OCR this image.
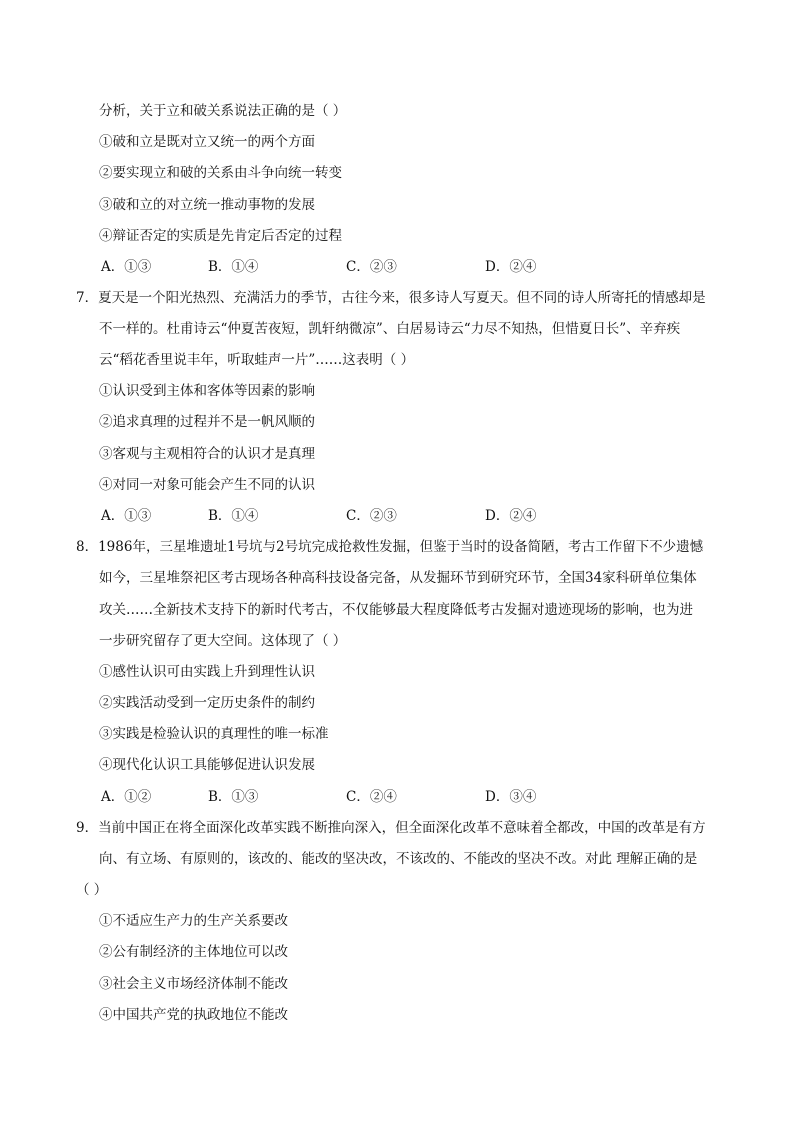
分析，关于立和破关系说法正确的是（ ）
①破和立是既对立又统一的两个方面
②要实现立和破的关系由斗争向统一转变
③破和立的对立统一推动事物的发展
④辩证否定的实质是先肯定后否定的过程
A．①③	B．①④	C．②③	D．②④
7．夏天是一个阳光热烈、充满活力的季节，古往今来，很多诗人写夏天。但不同的诗人所寄托的情感却是
不一样的。杜甫诗云“仲夏苦夜短，凯轩纳微凉”、白居易诗云“力尽不知热，但惜夏日长”、辛弃疾
云“稻花香里说丰年，听取蛙声一片”……这表明（ ）
①认识受到主体和客体等因素的影响
②追求真理的过程并不是一帆风顺的
③客观与主观相符合的认识才是真理
④对同一对象可能会产生不同的认识
A．①③	B．①④	C．②③	D．②④
8．1986年，三星堆遗址1号坑与2号坑完成抢救性发掘，但鉴于当时的设备简陋，考古工作留下不少遗憾
如今，三星堆祭祀区考古现场各种高科技设备完备，从发掘环节到研究环节，全国34家科研单位集体
攻关……全新技术支持下的新时代考古，不仅能够最大程度降低考古发掘对遗迹现场的影响，也为进
一步研究留存了更大空间。这体现了（ ）
①感性认识可由实践上升到理性认识
②实践活动受到一定历史条件的制约
③实践是检验认识的真理性的唯一标准
④现代化认识工具能够促进认识发展
A．①②	B．①③	C．②④	D．③④
9．当前中国正在将全面深化改革实践不断推向深入，但全面深化改革不意味着全都改，中国的改革是有方
向、有立场、有原则的，该改的、能改的坚决改，不该改的、不能改的坚决不改。对此 理解正确的是
（ ）
①不适应生产力的生产关系要改
②公有制经济的主体地位可以改
③社会主义市场经济体制不能改
④中国共产党的执政地位不能改
